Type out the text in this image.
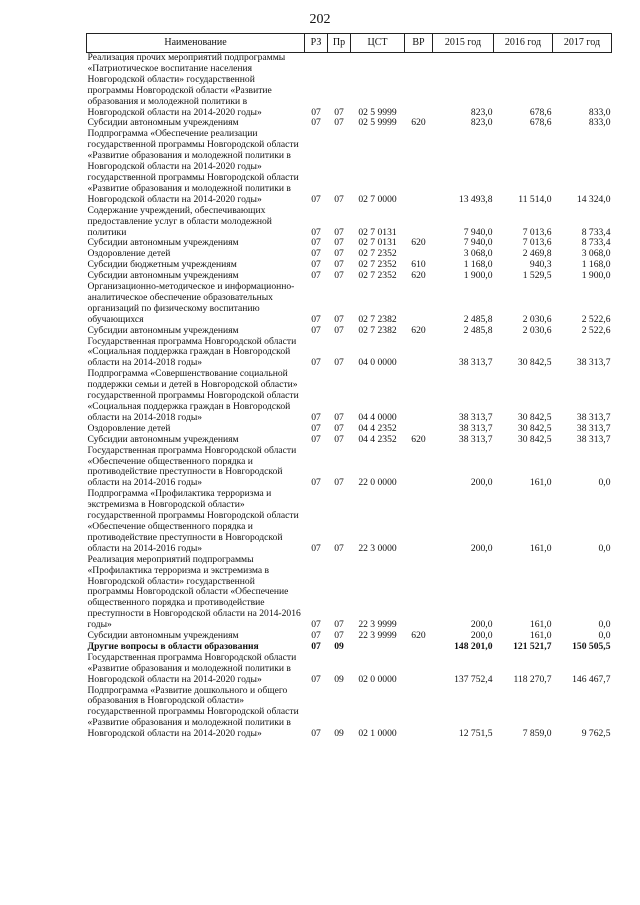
202
Наименование	РЗ	Пр	ЦСТ	ВР	2015 год	2016 год	2017 год
Реализация прочих мероприятий подпрограммы «Патриотическое воспитание населения Новгородской области» государственной программы Новгородской области «Развитие образования и молодежной политики в Новгородской области на 2014-2020 годы»	07	07	02 5 9999		823,0	678,6	833,0
Субсидии автономным учреждениям	07	07	02 5 9999	620	823,0	678,6	833,0
Подпрограмма «Обеспечение реализации государственной программы Новгородской области «Развитие образования и молодежной политики в Новгородской области на 2014-2020 годы» государственной программы Новгородской области «Развитие образования и молодежной политики в Новгородской области на 2014-2020 годы»	07	07	02 7 0000		13 493,8	11 514,0	14 324,0
Содержание учреждений, обеспечивающих предоставление услуг в области молодежной политики	07	07	02 7 0131		7 940,0	7 013,6	8 733,4
Субсидии автономным учреждениям	07	07	02 7 0131	620	7 940,0	7 013,6	8 733,4
Оздоровление детей	07	07	02 7 2352		3 068,0	2 469,8	3 068,0
Субсидии бюджетным учреждениям	07	07	02 7 2352	610	1 168,0	940,3	1 168,0
Субсидии автономным учреждениям	07	07	02 7 2352	620	1 900,0	1 529,5	1 900,0
Организационно-методическое и информационно-аналитическое обеспечение образовательных организаций по физическому воспитанию обучающихся	07	07	02 7 2382		2 485,8	2 030,6	2 522,6
Субсидии автономным учреждениям	07	07	02 7 2382	620	2 485,8	2 030,6	2 522,6
Государственная программа Новгородской области «Социальная поддержка граждан в Новгородской области на 2014-2018 годы»	07	07	04 0 0000		38 313,7	30 842,5	38 313,7
Подпрограмма «Совершенствование социальной поддержки семьи и детей в Новгородской области» государственной программы Новгородской области «Социальная поддержка граждан в Новгородской области на 2014-2018 годы»	07	07	04 4 0000		38 313,7	30 842,5	38 313,7
Оздоровление детей	07	07	04 4 2352		38 313,7	30 842,5	38 313,7
Субсидии автономным учреждениям	07	07	04 4 2352	620	38 313,7	30 842,5	38 313,7
Государственная программа Новгородской области «Обеспечение общественного порядка и противодействие преступности в Новгородской области на 2014-2016 годы»	07	07	22 0 0000		200,0	161,0	0,0
Подпрограмма «Профилактика терроризма и экстремизма в Новгородской области» государственной программы Новгородской области «Обеспечение общественного порядка и противодействие преступности в Новгородской области на 2014-2016 годы»	07	07	22 3 0000		200,0	161,0	0,0
Реализация мероприятий подпрограммы «Профилактика терроризма и экстремизма в Новгородской области» государственной программы Новгородской области «Обеспечение общественного порядка и противодействие преступности в Новгородской области на 2014-2016 годы»	07	07	22 3 9999		200,0	161,0	0,0
Субсидии автономным учреждениям	07	07	22 3 9999	620	200,0	161,0	0,0
Другие вопросы в области образования	07	09			148 201,0	121 521,7	150 505,5
Государственная программа Новгородской области «Развитие образования и молодежной политики в Новгородской области на 2014-2020 годы»	07	09	02 0 0000		137 752,4	118 270,7	146 467,7
Подпрограмма «Развитие дошкольного и общего образования в Новгородской области» государственной программы Новгородской области «Развитие образования и молодежной политики в Новгородской области на 2014-2020 годы»	07	09	02 1 0000		12 751,5	7 859,0	9 762,5
